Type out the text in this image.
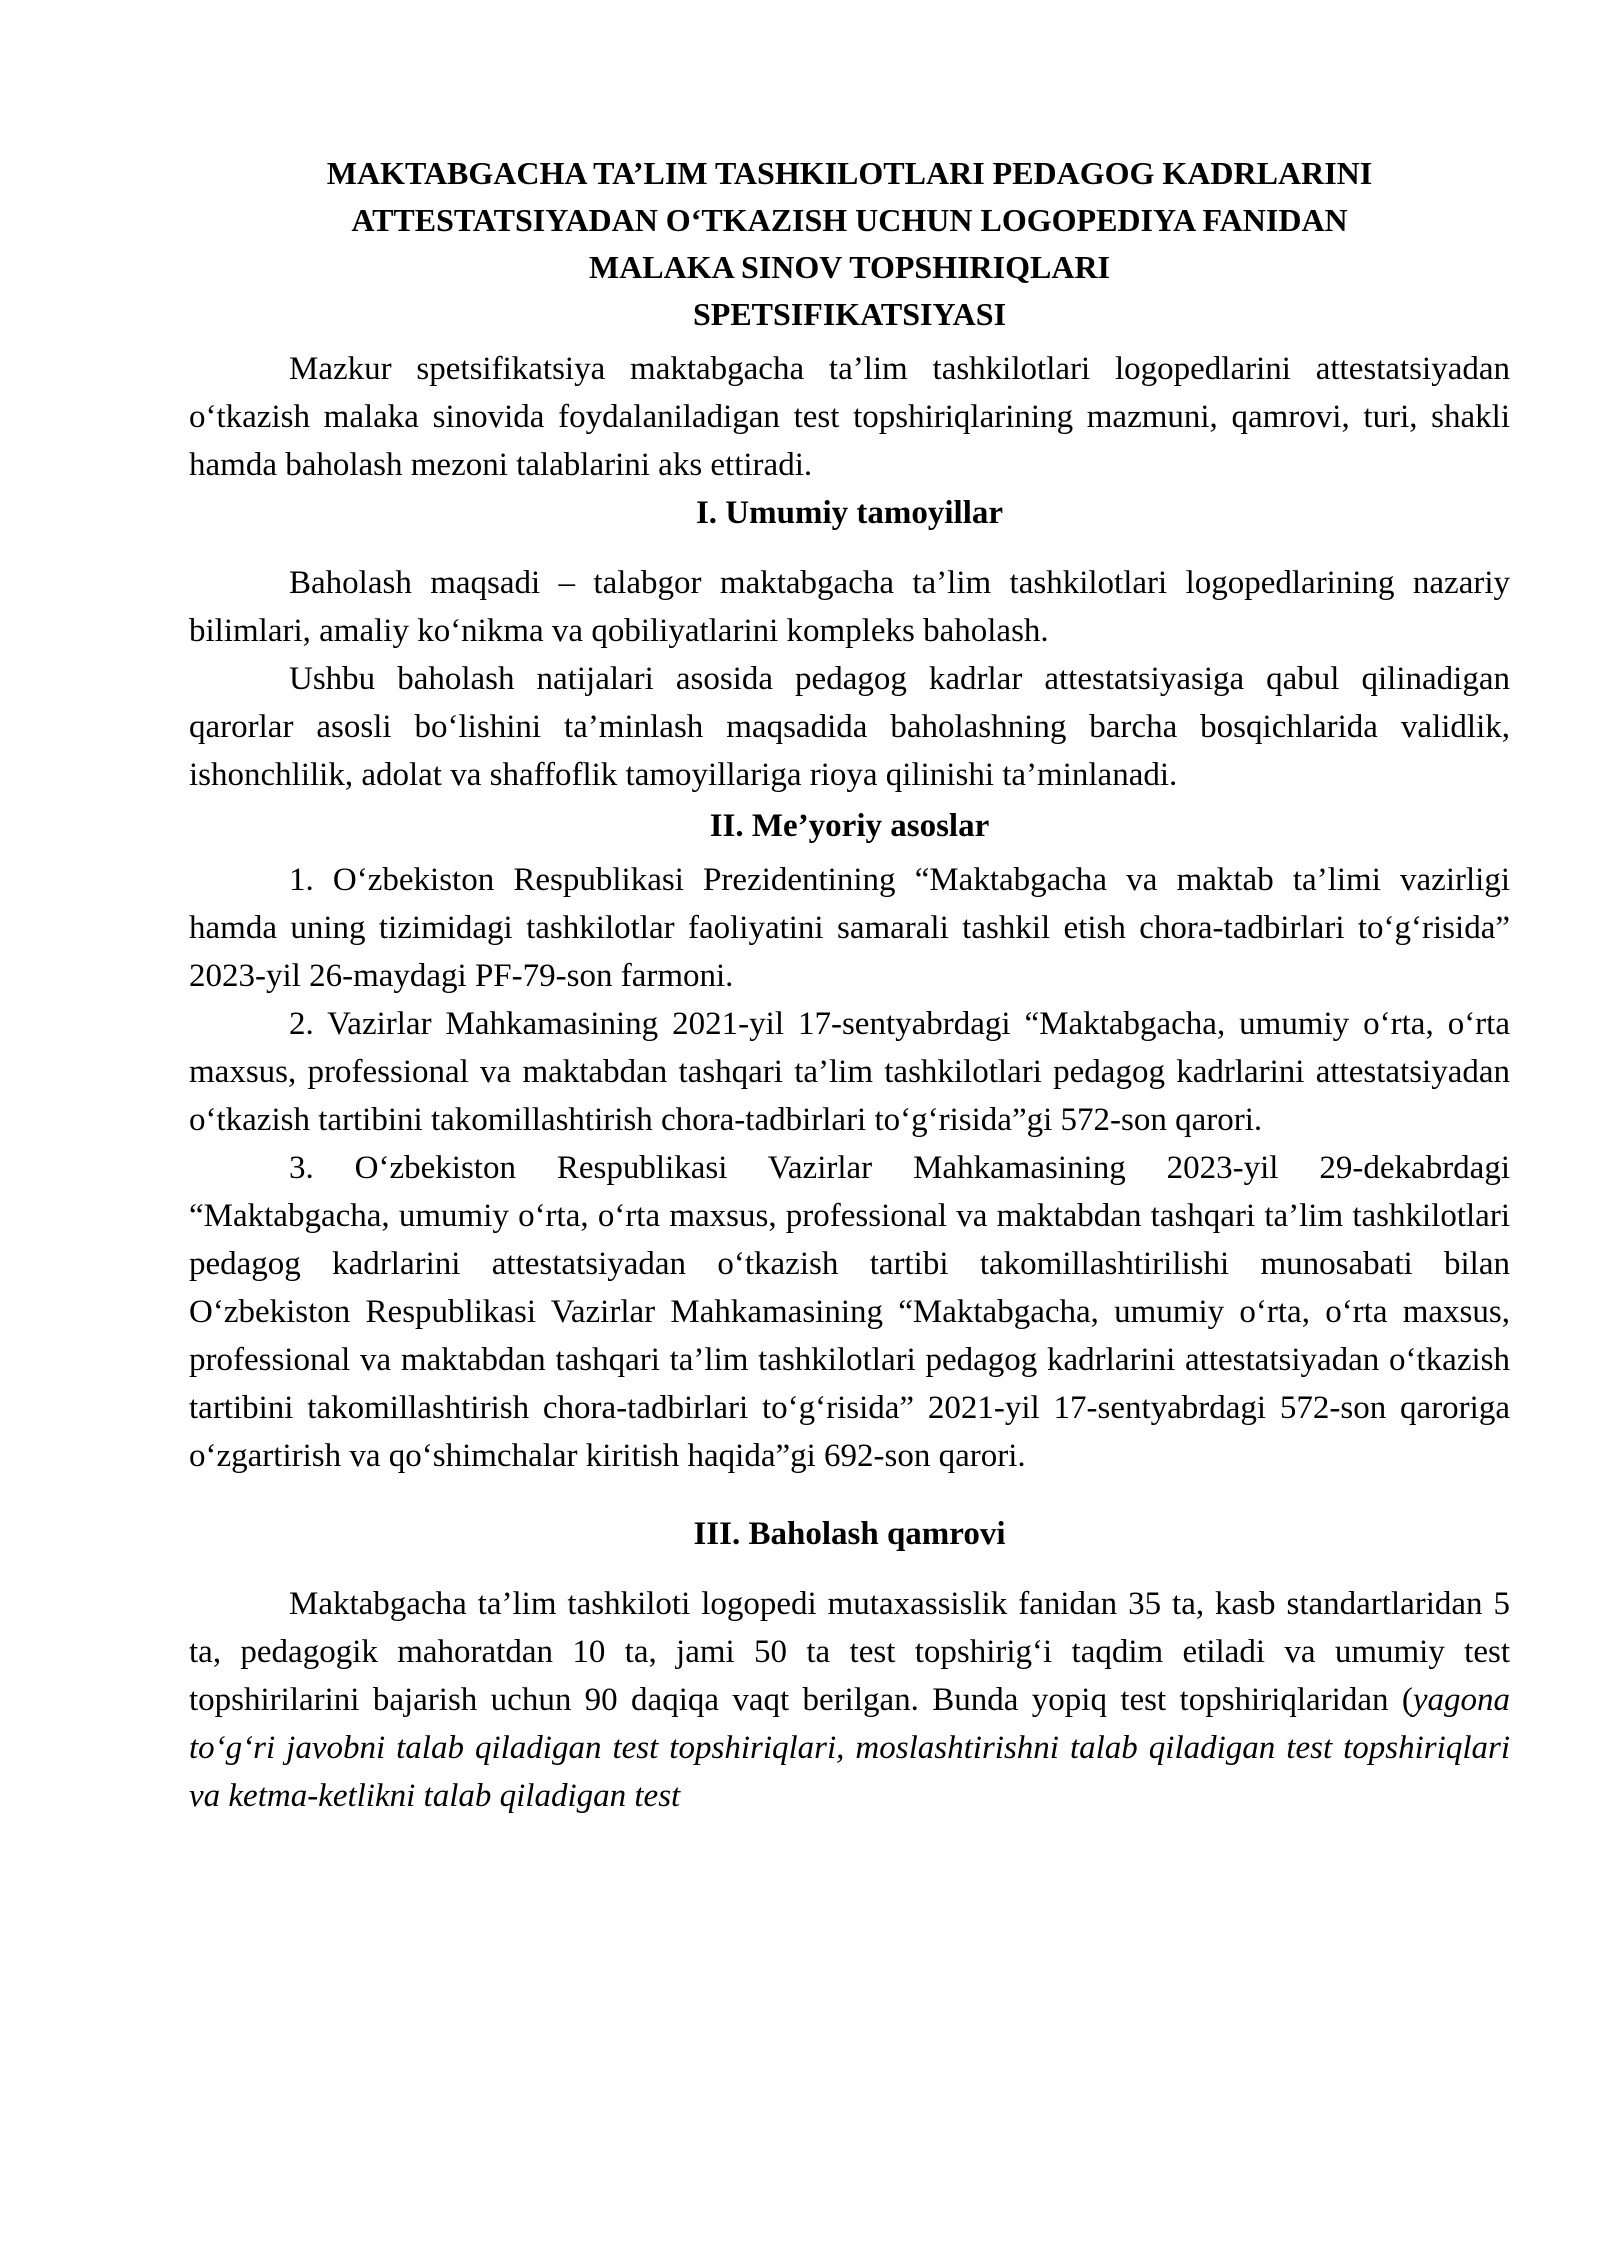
MAKTABGACHA TA’LIM TASHKILOTLARI PEDAGOG KADRLARINI
ATTESTATSIYADAN O‘TKAZISH UCHUN LOGOPEDIYA FANIDAN
MALAKA SINOV TOPSHIRIQLARI
SPETSIFIKATSIYASI

Mazkur spetsifikatsiya maktabgacha ta’lim tashkilotlari logopedlarini attestatsiyadan o‘tkazish malaka sinovida foydalaniladigan test topshiriqlarining mazmuni, qamrovi, turi, shakli hamda baholash mezoni talablarini aks ettiradi.

I. Umumiy tamoyillar

Baholash maqsadi – talabgor maktabgacha ta’lim tashkilotlari logopedlarining nazariy bilimlari, amaliy ko‘nikma va qobiliyatlarini kompleks baholash.

Ushbu baholash natijalari asosida pedagog kadrlar attestatsiyasiga qabul qilinadigan qarorlar asosli bo‘lishini ta’minlash maqsadida baholashning barcha bosqichlarida validlik, ishonchlilik, adolat va shaffoflik tamoyillariga rioya qilinishi ta’minlanadi.

II. Me’yoriy asoslar

1. O‘zbekiston Respublikasi Prezidentining “Maktabgacha va maktab ta’limi vazirligi hamda uning tizimidagi tashkilotlar faoliyatini samarali tashkil etish chora-tadbirlari to‘g‘risida” 2023-yil 26-maydagi PF-79-son farmoni.

2. Vazirlar Mahkamasining 2021-yil 17-sentyabrdagi “Maktabgacha, umumiy o‘rta, o‘rta maxsus, professional va maktabdan tashqari ta’lim tashkilotlari pedagog kadrlarini attestatsiyadan o‘tkazish tartibini takomillashtirish chora-tadbirlari to‘g‘risida”gi 572-son qarori.

3. O‘zbekiston Respublikasi Vazirlar Mahkamasining 2023-yil 29-dekabrdagi “Maktabgacha, umumiy o‘rta, o‘rta maxsus, professional va maktabdan tashqari ta’lim tashkilotlari pedagog kadrlarini attestatsiyadan o‘tkazish tartibi takomillashtirilishi munosabati bilan O‘zbekiston Respublikasi Vazirlar Mahkamasining “Maktabgacha, umumiy o‘rta, o‘rta maxsus, professional va maktabdan tashqari ta’lim tashkilotlari pedagog kadrlarini attestatsiyadan o‘tkazish tartibini takomillashtirish chora-tadbirlari to‘g‘risida” 2021-yil 17-sentyabrdagi 572-son qaroriga o‘zgartirish va qo‘shimchalar kiritish haqida”gi 692-son qarori.

III. Baholash qamrovi

Maktabgacha ta’lim tashkiloti logopedi mutaxassislik fanidan 35 ta, kasb standartlaridan 5 ta, pedagogik mahoratdan 10 ta, jami 50 ta test topshirig‘i taqdim etiladi va umumiy test topshirilarini bajarish uchun 90 daqiqa vaqt berilgan. Bunda yopiq test topshiriqlaridan (yagona to‘g‘ri javobni talab qiladigan test topshiriqlari, moslashtirishni talab qiladigan test topshiriqlari va ketma-ketlikni talab qiladigan test
